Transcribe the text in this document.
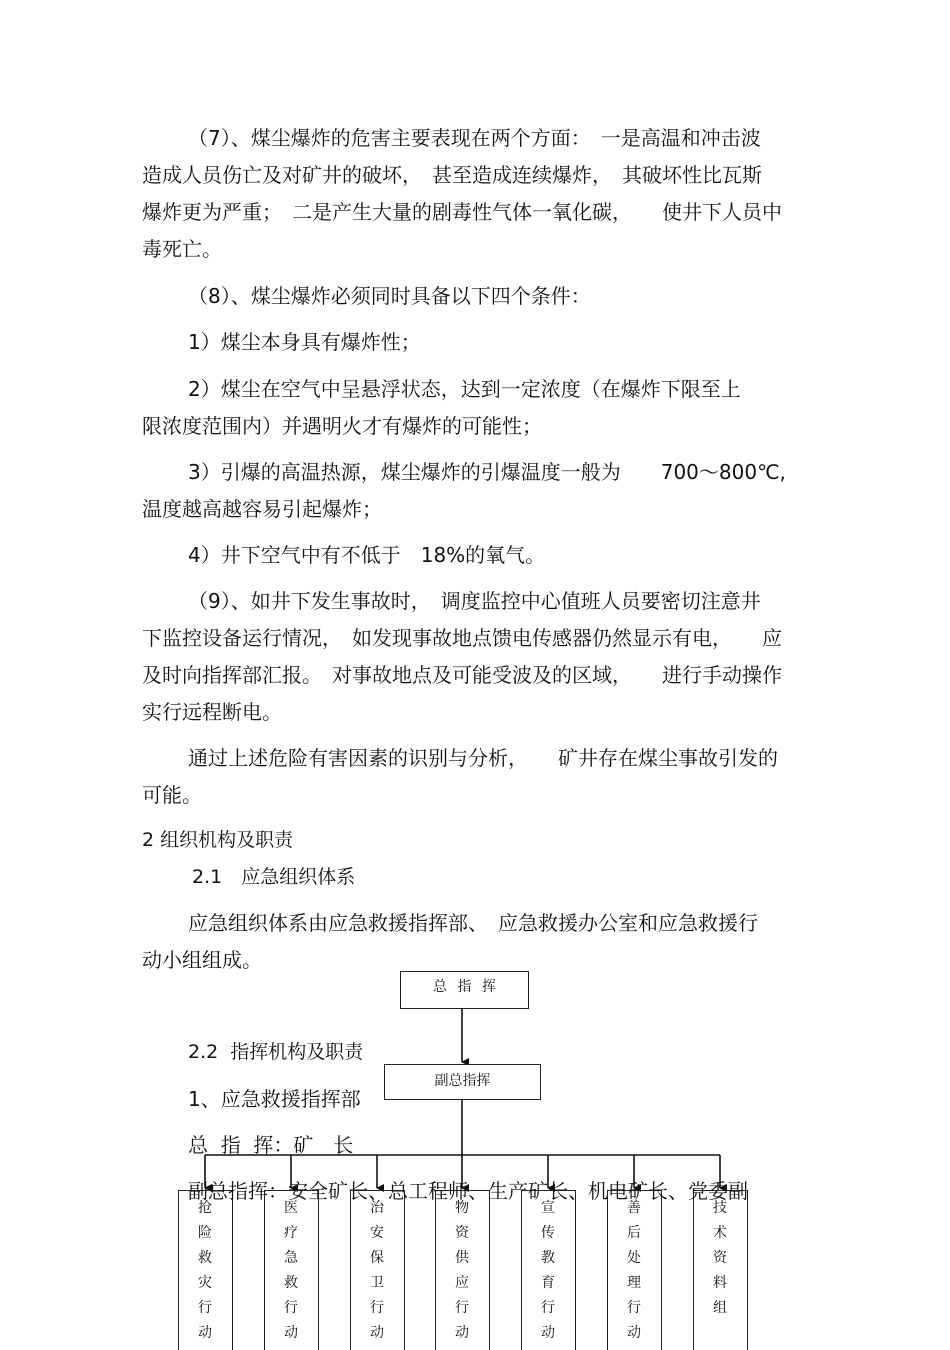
（7）、煤尘爆炸的危害主要表现在两个方面：　一是高温和冲击波
造成人员伤亡及对矿井的破坏，　甚至造成连续爆炸，　其破坏性比瓦斯
爆炸更为严重；　二是产生大量的剧毒性气体一氧化碳，　　使井下人员中
毒死亡。
（8）、煤尘爆炸必须同时具备以下四个条件：
1）煤尘本身具有爆炸性；
2）煤尘在空气中呈悬浮状态，达到一定浓度（在爆炸下限至上
限浓度范围内）并遇明火才有爆炸的可能性；
3）引爆的高温热源，煤尘爆炸的引爆温度一般为　　700～800℃,
温度越高越容易引起爆炸；
4）井下空气中有不低于　18%的氧气。
（9）、如井下发生事故时，　调度监控中心值班人员要密切注意井
下监控设备运行情况，　如发现事故地点馈电传感器仍然显示有电，　　应
及时向指挥部汇报。　对事故地点及可能受波及的区域，　　进行手动操作
实行远程断电。
通过上述危险有害因素的识别与分析，　　矿井存在煤尘事故引发的
可能。
2 组织机构及职责
2.1　应急组织体系
应急组织体系由应急救援指挥部、　应急救援办公室和应急救援行
动小组组成。
2.2  指挥机构及职责
1、应急救援指挥部
总 指 挥
副总指挥
抢险救灾行动
医疗急救行动
治安保卫行动
物资供应行动
宣传教育行动
善后处理行动
技术资料组
总  指  挥：矿　长
副总指挥：安全矿长、总工程师、生产矿长、机电矿长、党委副
